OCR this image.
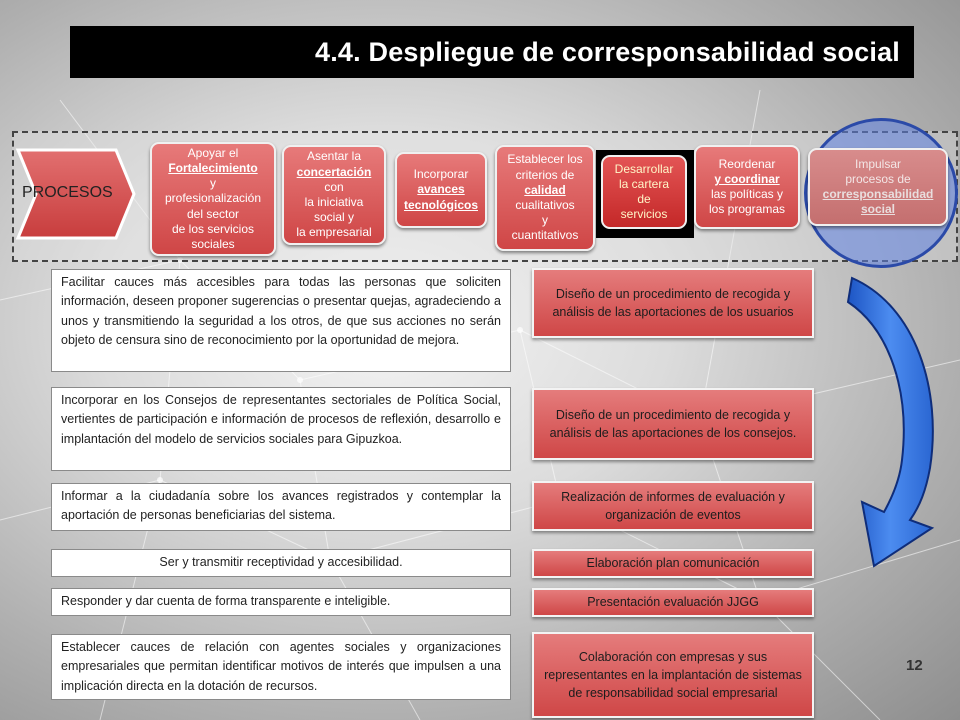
4.4. Despliegue de corresponsabilidad social
PROCESOS
Apoyar el
Fortalecimiento
y
profesionalización
del sector
de los servicios
sociales
Asentar la
concertación
con
la iniciativa
social y
la empresarial
Incorporar
avances
tecnológicos
Establecer los
criterios de
calidad
cualitativos
y
cuantitativos
Desarrollar
la cartera
de
servicios
Reordenar
y coordinar
las políticas y
los programas
Impulsar
procesos de
corresponsabilidad
social
Facilitar cauces más accesibles para todas las personas que soliciten información, deseen proponer sugerencias o presentar quejas, agradeciendo a unos y transmitiendo la seguridad a los otros, de que sus acciones no serán objeto de censura sino de reconocimiento por la oportunidad de mejora.
Incorporar en los Consejos de representantes sectoriales de Política Social, vertientes de participación e información de procesos de reflexión, desarrollo e implantación del modelo de servicios sociales para Gipuzkoa.
Informar a la ciudadanía sobre los avances registrados y contemplar la aportación de personas beneficiarias del sistema.
Ser y transmitir receptividad y accesibilidad.
Responder y dar cuenta de forma transparente e inteligible.
Establecer cauces de relación con agentes sociales y organizaciones empresariales que permitan identificar motivos de interés que impulsen a una implicación directa en la dotación de recursos.
Diseño de un procedimiento de recogida y análisis de las aportaciones de los usuarios
Diseño de un procedimiento de recogida y análisis de las aportaciones de los consejos.
Realización de informes de evaluación y organización de eventos
Elaboración plan comunicación
Presentación evaluación JJGG
Colaboración con empresas y sus representantes en la implantación de sistemas de responsabilidad social empresarial
12
